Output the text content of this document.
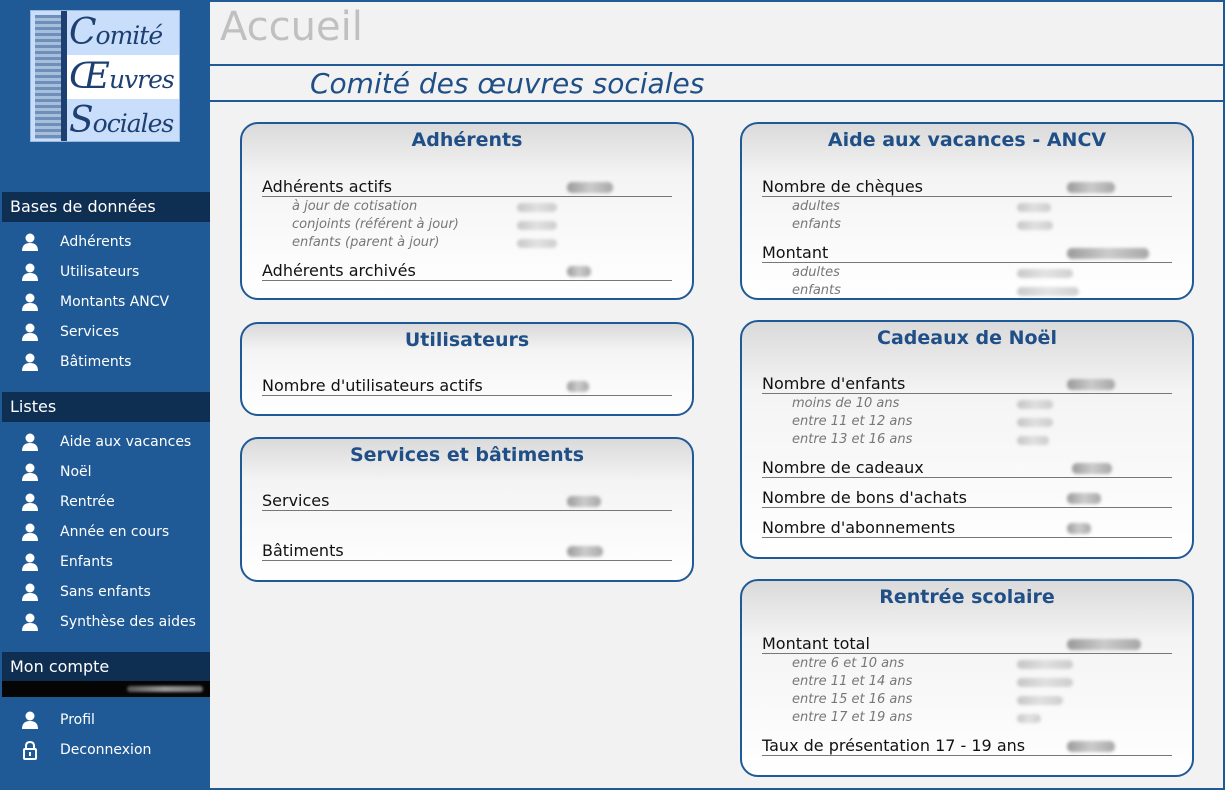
Comité
Œuvres
Sociales
Bases de données
Adhérents
Utilisateurs
Montants ANCV
Services
Bâtiments
Listes
Aide aux vacances
Noël
Rentrée
Année en cours
Enfants
Sans enfants
Synthèse des aides
Mon compte
Profil
Deconnexion
Accueil
Comité des œuvres sociales
Adhérents
Adhérents actifs
à jour de cotisation
conjoints (référent à jour)
enfants (parent à jour)
Adhérents archivés
Utilisateurs
Nombre d'utilisateurs actifs
Services et bâtiments
Services
Bâtiments
Aide aux vacances - ANCV
Nombre de chèques
adultes
enfants
Montant
adultes
enfants
Cadeaux de Noël
Nombre d'enfants
moins de 10 ans
entre 11 et 12 ans
entre 13 et 16 ans
Nombre de cadeaux
Nombre de bons d'achats
Nombre d'abonnements
Rentrée scolaire
Montant total
entre 6 et 10 ans
entre 11 et 14 ans
entre 15 et 16 ans
entre 17 et 19 ans
Taux de présentation 17 - 19 ans
